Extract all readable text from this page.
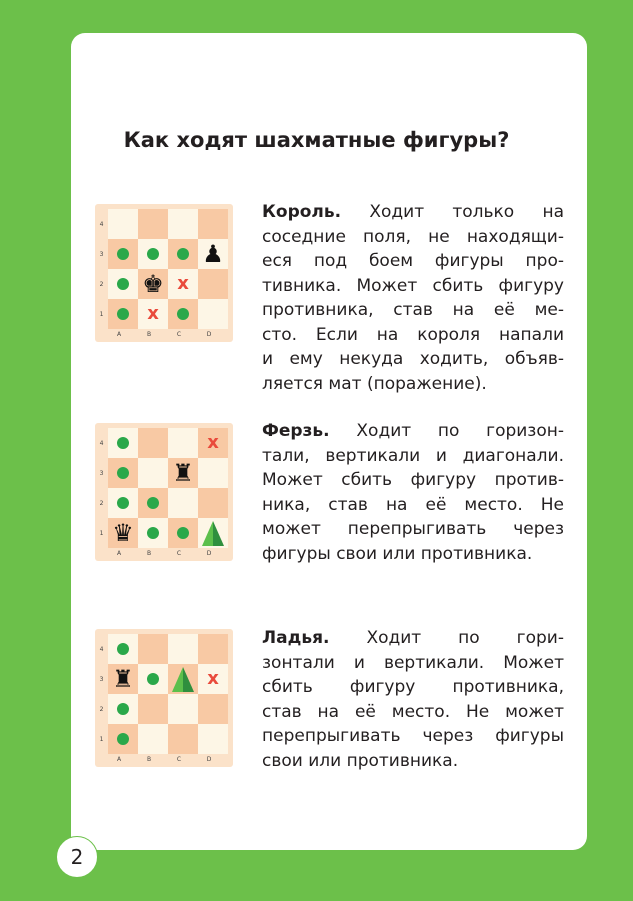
Как ходят шахматные фигуры?
♟
♚ x
x
4
3
2
1
A	B	C	D
Король. Ходит только на
соседние поля, не находящи-
еся под боем фигуры про-
тивника. Может сбить фигуру
противника, став на её ме-
сто. Если на короля напали
и ему некуда ходить, объяв-
ляется мат (поражение).
x
♜
♛
4
3
2
1
A	B	C	D
Ферзь. Ходит по горизон-
тали, вертикали и диагонали.
Может сбить фигуру против-
ника, став на её место. Не
может перепрыгивать через
фигуры свои или противника.
♜	x
4
3
2
1
A	B	C	D
Ладья. Ходит по гори-
зонтали и вертикали. Может
сбить фигуру противника,
став на её место. Не может
перепрыгивать через фигуры
свои или противника.
2
